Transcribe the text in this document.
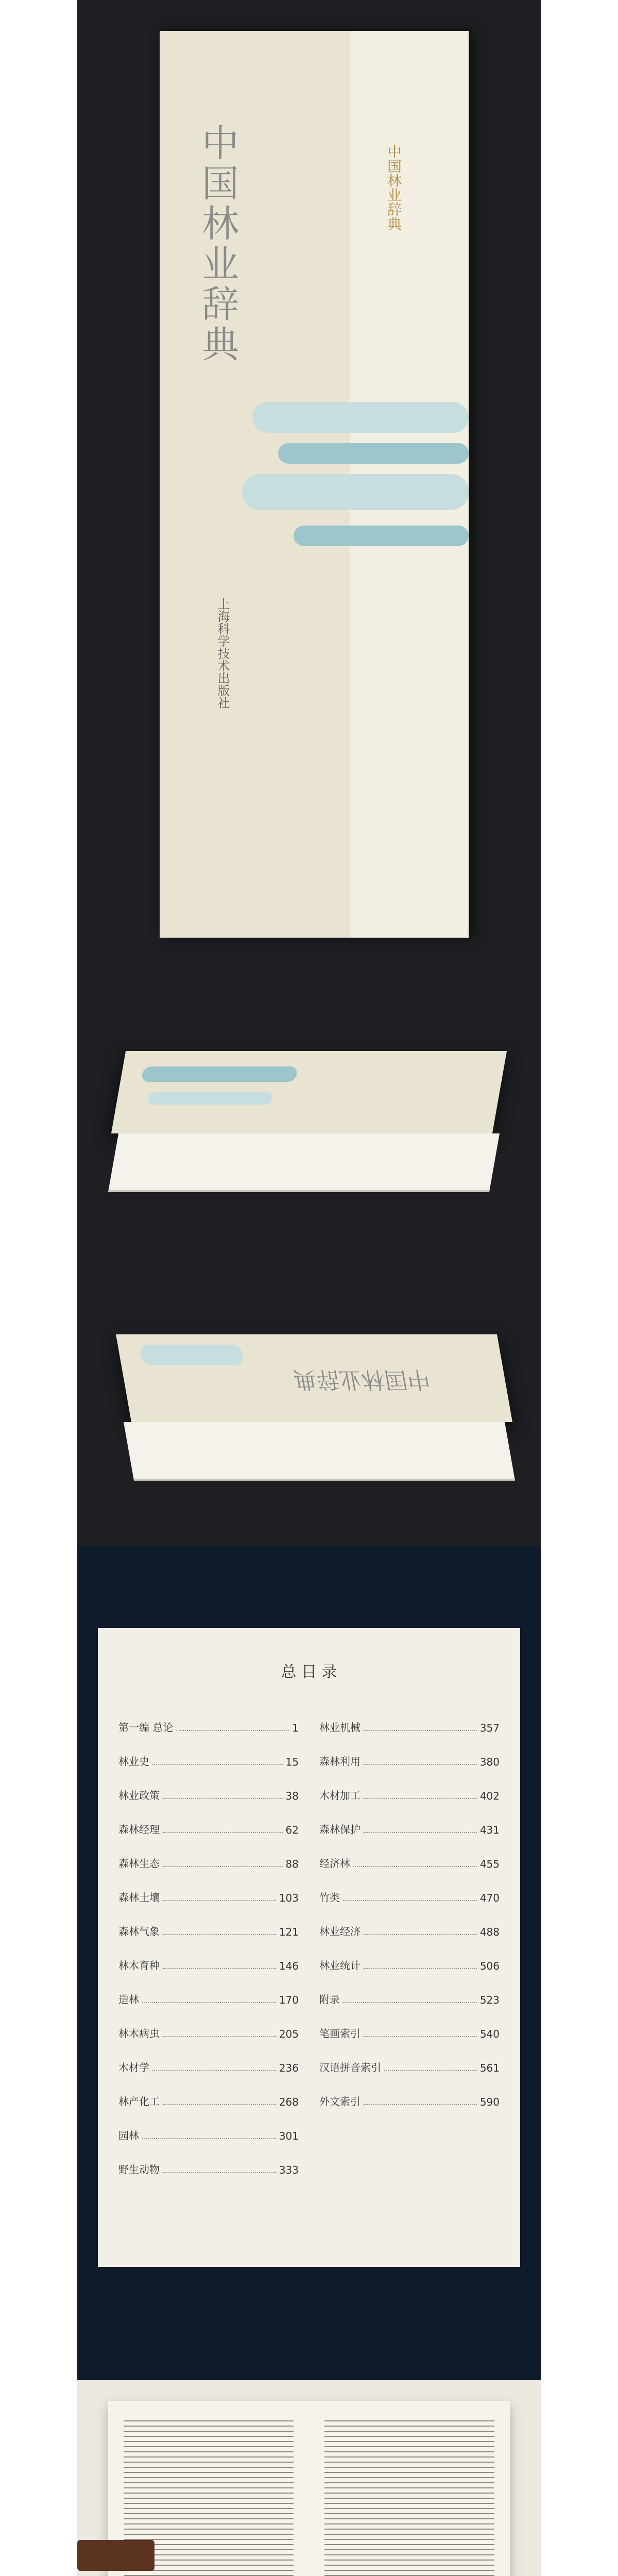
中国林业辞典	中国林业辞典
上海科学技术出版社
中国林业辞典
总 目 录
第一编 总论	1
林业史	15
林业政策	38
森林经理	62
森林生态	88
森林土壤	103
森林气象	121
林木育种	146
造林	170
林木病虫	205
木材学	236
林产化工	268
园林	301
野生动物	333
林业机械	357
森林利用	380
木材加工	402
森林保护	431
经济林	455
竹类	470
林业经济	488
林业统计	506
附录	523
笔画索引	540
汉语拼音索引	561
外文索引	590
